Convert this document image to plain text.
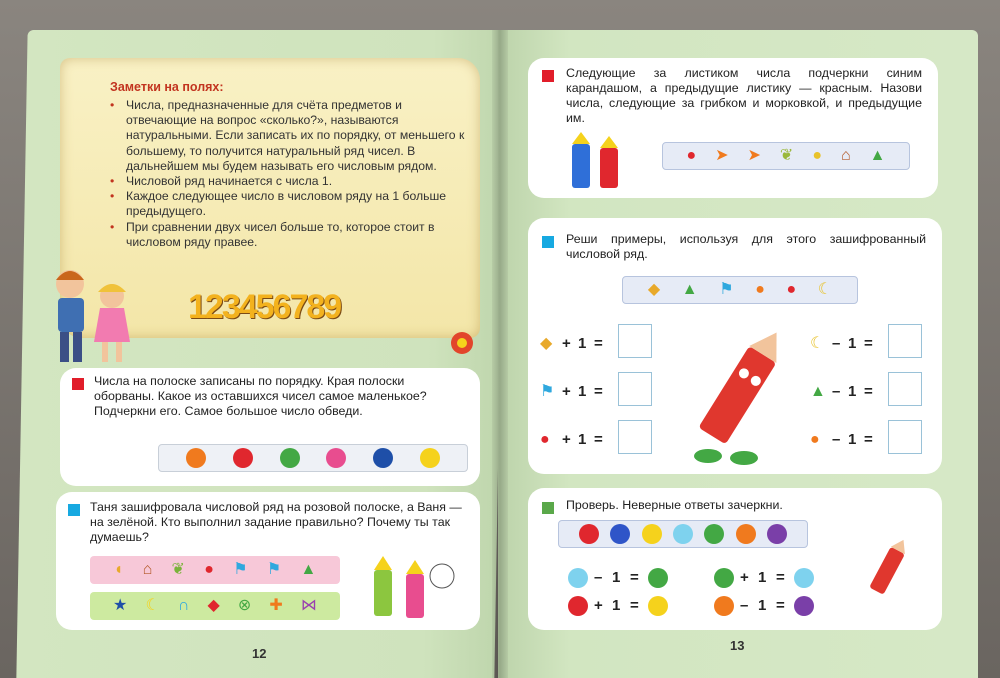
Заметки на полях:
• Числа, предназначенные для счёта предметов и отвечающие на вопрос «сколько?», называются натуральными. Если записать их по порядку, от меньшего к большему, то получится натуральный ряд чисел. В дальнейшем мы будем называть его числовым рядом.
• Числовой ряд начинается с числа 1.
• Каждое следующее число в числовом ряду на 1 больше предыдущего.
• При сравнении двух чисел больше то, которое стоит в числовом ряду правее.
123456789
Числа на полоске записаны по порядку. Края полоски оборваны. Какое из оставшихся чисел самое маленькое? Подчеркни его. Самое большое число обведи.
Таня зашифровала числовой ряд на розовой полоске, а Ваня — на зелёной. Кто выполнил задание правильно? Почему ты так думаешь?
◖ ⌂ ❦ ● ⚑ ⚑ ▲
★ ☾ ∩ ◆ ⊗ ✚ ⋈
12
Следующие за листиком числа подчеркни синим карандашом, а предыдущие листику — красным. Назови числа, следующие за грибком и морковкой, и предыдущие им.
● ➤ ➤ ❦ ● ⌂ ▲
Реши примеры, используя для этого зашифрованный числовой ряд.
◆ ▲ ⚑ ● ● ☾
◆ + 1 =
⚑ + 1 =
● + 1 =
☾ – 1 =
▲ – 1 =
● – 1 =
Проверь. Неверные ответы зачеркни.
– 1 =
+ 1 =
+ 1 =
– 1 =
13
